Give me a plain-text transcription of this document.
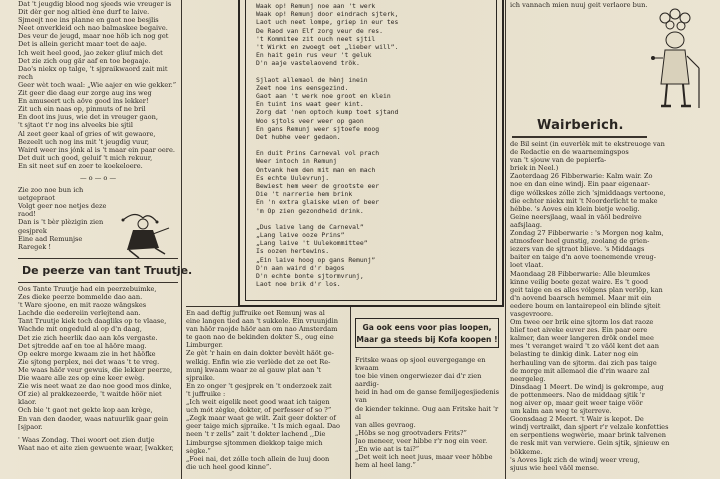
Dat 't jeugdig blood nog sjeeds wie vreuger is

Dit dèr ger nog altied ène durf te laive.

Sjmeejt noe ins planne en gaot noe besjlis

Neet onverkleid och nao balmaskee begaive.

Des veur de jeugd, maar noe höb ich nog get

Det is allein gericht maar toet de aaje.

Ich weit heel good, jao zeker gliuf mich det

Det zie zich oug gär aaf en toe begaaje.

Dao's niekx op talge, 't sjpraikwaord zait mit rech

Geer wèt toch waal: „Wie aajer en wie gekker.”

Zit geer die daag eur zorge aug ins weg

En amuseert uch aöve good ins lekker!

Zit uch ein naas op, pinmuts of ne bril

En doot ins juus, wie det in vreuger gaon,

't sjtaot t'r nog ins alveeks bie sjtil

Al zeet geer kaal of gries of wit gewaore,

Bezeelt uch nog ins mit 't jeugdig vuur,

Waird weer ins jónk al is 't maar ein paar oere.

Det duit uch good, geluif 't mich rekuur,

En sit neet suf en zoer te koekeloere.

— o — o —

Zie zoo noe bun ich uetgepraot

Volgt geer noe netjes deze raod!

Dan is 't bèr plèzigin zien gesjprek

Eine aad Remunjse Raregek !

De peerze van tant Truutje.

Oos Tante Truutje had ein peerzebuimke,

Zes dieke peerze bommelde dao aan.

't Ware sjoone, en mit raoze wängskes

Lachde die eedereiin verlejtend aan.

Tant Truutje kiek toch daagliks op te vlaase,

Wachde mit ongeduld al op d'n daag,

Det zie zich heerlik dao aan kös vergaste.

Det sjtredde aaf en toe al häöre maag.

Op eekre morge kwaam zie in het häöfke

Zie sjtong perplex, nei det waas 't te vreg.

Me waas häör veur gewuis, die lekker peerze,

Die waare alle zes op eine keer ewèg.

Zie wis neet waat ze dao noe good mos dinke,

Of zie) al prakkezeerde, 't waitde höör niet klaor.

Och bie 't gaot net gekte kop aan krège,

En van den daoder, waas natuurlik gaar gein

[sjpaor.

' Waas Zondag. Thei woort oet zien dutje

Waat nao et aite zien gewuente waar, [wakker,

Waak op! Remunj noe aan 't werk

Waak op! Remunj door eindrach sjterk,

Laot uch neet lompe, griep in eur tes

De Raod van Elf zorg veur de res.

't Kommitee zit ouch neet sjtil

't Wirkt en zwoegt oet „lieber will”.

En hait gein rus veur 't geluk

D'n aaje vastelaovend trök.

Sjlaot allemaol de hènj inein

Zeet noe ins eensgezind.

Gaot aan 't werk noe groot en klein

En tuint ins waat geer kint.

Zorg dat 'nen optoch kump toet sjtand

Woo sjtols veer weer op gaon

En gans Remunj weer sjtoefe moog

Det hubhe veer gedaon.

En duit Prins Carneval vol prach

Weer intoch in Remunj

Ontvank hem den mit man en mach

Es echte Uulevrunj.

Bewiest hem weer de grootste eer

Die 't narrerie hem brink

En 'n extra glaiske wien of beer

'm Op zien gezondheid drink.

„Dus laive lang de Carneval”

„Lang laive ooze Prins”

„Lang laive 't Uulekommittee”

Is oozen hertewins.

„Ein laive hoog op gans Remunj”

D'n aan waird d'r bagos

D'n echte bonte sjtormvrunj,

Laot noe brik d'r los.

En aad deftig juffruike oet Remunj was al

eine langen tied aan 't sukkele. Ein vruunjdin

van häör raojde häör aan om nao Amsterdam

te gaon nao de bekinden dokter S., oug eine

Limburger.

Ze gèt 'r hain en dain dokter bevèlt häöt ge-

welkig. Enfin wie zie verlède det ze oet Re-

munj kwaam waar ze al gauw plat aan 't sjpraike.

En zo onger 't gesjprek en 't onderzoek zait

't juffruike :

„Ich weit eigelik neet good waat ich taigen

uch mót zègke, dokter, of perfesser of so ?”

„Zegk maar waat ge wilt. Zait geer dokter of

geer taige mich sjpraike. 't Is mich egaal. Dao

neen 't r zells” zait 't dokter lachend ,,Die

Limburgse sjtommen diekkop taige mich sègke.”

„Foei nai, det zólle toch allein de luuj doon

die uch heel good kinne”.

Ga ook eens voor pias loopen,
Maar ga steeds bij Kofa koopen !

Fritske waas op sjool euvergegange en kwaam

toe bie vinen ongerwiezer dai d'r zien aardig-

heid in had om de ganse femiljegesjiedenis van

de kiender tekinne. Oug aan Fritske hait 'r al

van alles gevraog.

„Höbs se nog grootvaders Frits?”

Jao meneer, veer hibbe r'r nog ein veer.

„En wie aat is tai?”

„Det weit ich neet juus, maar veer höbbe

hem al heel lang.”

ich vannach mien nuuj geit verlaore bun.
Wairberich.

de Bil seint (in euverlèk mit te ekstreuoge van

de Redactie en de waarnemingspos

van 't sjouw van de pepierfa-

briek in Neel.)

Zaoterdaag 26 Fibberwarie: Kalm wair. Zo

noe en dan eine windj. Ein paar eigenaar-

dige wólkskes zólle zich 'sjmiddaags vertoone,

die echter niekx mit 't Noorderlicht te make

hébbe. 's Aoves ein klein bietje woelig.

Geine neersjlaag, waal in väöl bedreive

aafsjlaag.

Zondag 27 Fibberwarie : 's Morgen nog kalm,

atmosfeer heel gunstig, zoolang de grien-

iezers van de sjtraot blieve. 's Middaags

baiter en taige d'n aove toenemende vreug-

loet vlaat.

Maondaag 28 Fibberwarie: Alle bleumkes

kinne veilig boete gezat waire. Es 't good

geit taige en es alles vólgens plan verlöp, kan

d'n aovend baarsch hemmel. Maar mit ein

eedere boum en lantairepeol ein blinde sjteit

vasgevroore.

Om twee oer brik eine sjtorm los dat raoze

blief toet aiveke euver zes. Ein paar oere

kalmer, dan weer langeren drök ondel mee

mes 't veranget waird 't zo väöl kent det aan

belasting te dinkig dink. Later nog ein

herhauling van de sjtorm. dai zich pas taige

de morge mit allemaol die d'rin waare zal

neergeleg.

Dinsdaag 1 Meert. De windj is gekrompe, aug

de pottenmeers. Nao de middaag sjtik 'r

nog aiver op, maar geit weer taige vöör

um kalm aan weg te sjterreve.

Goonsdaag 2 Meert. 't Wair is kepot. De

windj vertraikt, dan sjpert r'r velzale konfetties

en serpentiens wegwèrie, maar brink talvenen

de resk mit van verwiere. Gein sjtik, sjnieuw en

bökkeme.

's Aoves ligk zich de windj weer vreug,

sjuus wie heel väöl mense.
